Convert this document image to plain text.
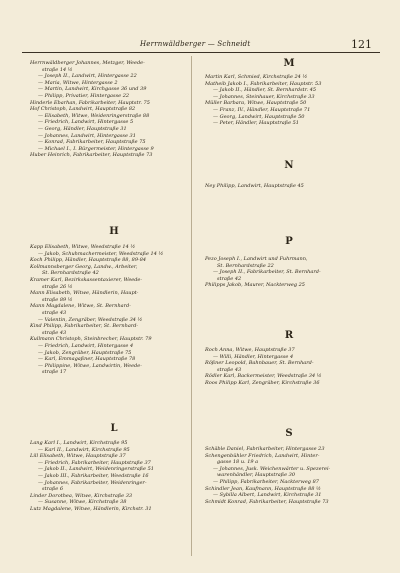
Herrnwäldberger — Schneidt	121
Herrnwäldberger Johannes, Metzger, Weede-
straße 14 ½
— Joseph II., Landwirt, Hintergasse 22
— Maria, Witwe, Hintergasse 2
— Martin, Landwirt, Kirchgasse 36 und 39
— Philipp, Privatier, Hintergasse 22
Hinderle Ebarhan, Fabrikarbeiter, Hauptstr. 75
Hof Christoph, Landwirt, Hauptstraße 82
— Elisabeth, Witwe, Weidenringerstraße 88
— Friedrich, Landwirt, Hintergasse 5
— Georg, Händler, Hauptstraße 31
— Johannes, Landwirt, Hintergasse 31
— Konrad, Fabrikarbeiter, Hauptstraße 75
— Michael I., I. Bürgermeister, Hintergasse 9
Huber Heinrich, Fabrikarbeiter, Hauptstraße 73
H
Kapp Elisabeth, Witwe, Weedstraße 14 ½
— Jakob, Schuhmachermeister, Weedstraße 14 ½
Koch Philipp, Händler, Hauptstraße 88, 89-84
Kollmannsberger Georg, Landw., Arbeiter,
St. Bernhardstraße 42
Kramer Karl, Bezirkskassentaxierer, Weede-
straße 26 ½
Mann Elisabeth, Witwe, Händlerin, Haupt-
straße 89 ½
Mann Magdalene, Witwe, St. Bernhard-
straße 43
— Valentin, Zengräber, Weedstraße 34 ½
Kind Philipp, Fabrikarbeiter, St. Bernhard-
straße 43
Kullmann Christoph, Steinbrecher, Hauptstr. 79
— Friedrich, Landwirt, Hintergasse 4
— Jakob, Zengräber, Hauptstraße 75
— Karl, Emmagaßner, Hauptstraße 78
— Philippine, Witwe, Landwirtin, Weede-
straße 17
L
Lang Karl I., Landwirt, Kirchstraße 95
— Karl II., Landwirt, Kirchstraße 95
Lill Elisabeth, Witwe, Hauptstraße 37
— Friedrich, Fabrikarbeiter, Hauptstraße 37
— Jakob II., Landwirt, Weidenringerstraße 51
— Jakob III., Fabrikarbeiter, Weedstraße 16
— Johannes, Fabrikarbeiter, Weidenringer-
straße 6
Linder Dorothea, Witwe, Kirchstraße 33
— Susanne, Witwe, Kirchstraße 38
Lutz Magdalene, Witwe, Händlerin, Kirchstr. 31
M
Martin Karl, Schmied, Kirchstraße 24 ½
Matheib Jakob I., Fabrikarbeiter, Hauptstr. 53
— Jakob II., Händler, St. Bernhardstr. 45
— Johannes, Steinhauer, Kirchstraße 33
Müller Barbara, Witwe, Hauptstraße 50
— Franz, IV., Händler, Hauptstraße 71
— Georg, Landwirt, Hauptstraße 50
— Peter, Händler, Hauptstraße 51
N
Ney Philipp, Landwirt, Hauptstraße 45
P
Pezo Joseph I., Landwirt und Fuhrmann,
St. Bernhardstraße 22
— Joseph II., Fabrikarbeiter, St. Bernhard-
straße 42
Philipps Jakob, Maurer, Nackterweg 25
R
Roch Anna, Witwe, Hauptstraße 37
— Willi, Händler, Hintergasse 4
Rößner Leopold, Bahnbauer, St. Bernhard-
straße 43
Rödler Karl, Backermeister, Weedstraße 34 ½
Roos Philipp Karl, Zengräber, Kirchstraße 36
S
Schäble Daniel, Fabrikarbeiter, Hintergasse 23
Schengenbühler Friedrich, Landwirt, Hinter-
gasse 18 u. 19 a
— Johannes, Jusk. Weichenwärter u. Spezerei-
warenhändler, Hauptstraße 30
— Philipp, Fabrikarbeiter, Nackterweg 87
Schindler Jean, Kaufmann, Hauptstraße 88 ½
— Sybilla Albert, Landwirt, Kirchstraße 31
Schmidt Konrad, Fabrikarbeiter, Hauptstraße 73
